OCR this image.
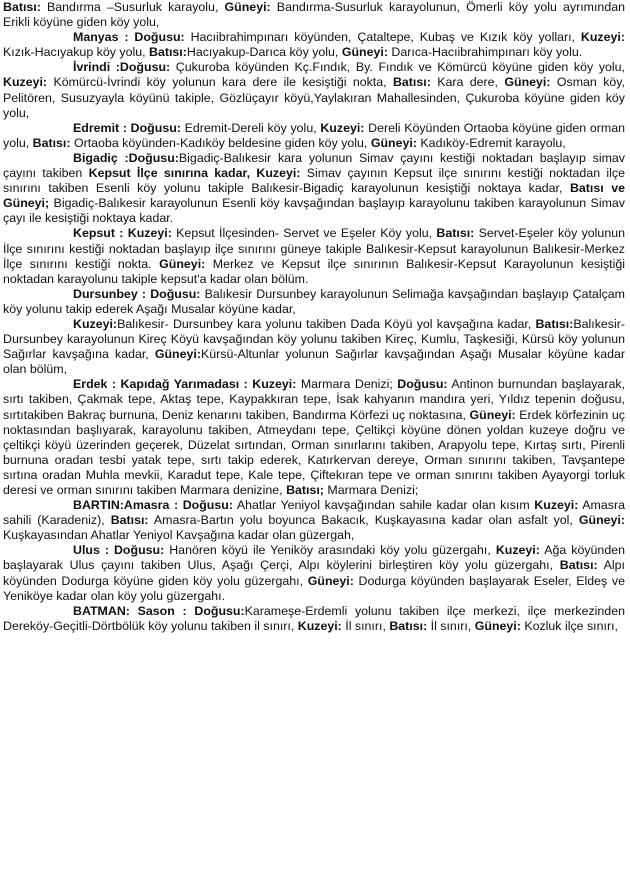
Batısı: Bandırma –Susurluk karayolu, Güneyi: Bandırma-Susurluk karayolunun, Ömerli köy yolu ayrımından Erikli köyüne giden köy yolu,

Manyas : Doğusu: Hacıibrahimpınarı köyünden, Çataltepe, Kubaş ve Kızık köy yolları, Kuzeyi: Kızık-Hacıyakup köy yolu, Batısı:Hacıyakup-Darıca köy yolu, Güneyi: Darıca-Hacıibrahimpınarı köy yolu.

İvrindi :Doğusu: Çukuroba köyünden Kç.Fındık, By. Fındık ve Kömürcü köyüne giden köy yolu, Kuzeyi: Kömürcü-İvrindi köy yolunun kara dere ile kesiştiği nokta, Batısı: Kara dere, Güneyi: Osman köy, Pelitören, Susuzyayla köyünü takiple, Gözlüçayır köyü,Yaylakıran Mahallesinden, Çukuroba köyüne giden köy yolu,

Edremit : Doğusu: Edremit-Dereli köy yolu, Kuzeyi: Dereli Köyünden Ortaoba köyüne giden orman yolu, Batısı: Ortaoba köyünden-Kadıköy beldesine giden köy yolu, Güneyi: Kadıköy-Edremit karayolu,

Bigadiç :Doğusu:Bigadiç-Balıkesir kara yolunun Simav çayını kestiği noktadan başlayıp simav çayını takiben Kepsut İlçe sınırına kadar, Kuzeyi: Simav çayının Kepsut ilçe sınırını kestiği noktadan ilçe sınırını takiben Esenli köy yolunu takiple Balıkesir-Bigadiç karayolunun kesiştiği noktaya kadar, Batısı ve Güneyi; Bigadiç-Balıkesir karayolunun Esenli köy kavşağından başlayıp karayolunu takiben karayolunun Simav çayı ile kesiştiği noktaya kadar.

Kepsut : Kuzeyi: Kepsut İlçesinden- Servet ve Eşeler Köy yolu, Batısı: Servet-Eşeler köy yolunun İlçe sınırını kestiği noktadan başlayıp ilçe sınırını güneye takiple Balıkesir-Kepsut karayolunun Balıkesir-Merkez İlçe sınırını kestiği nokta. Güneyi: Merkez ve Kepsut ilçe sınırının Balıkesir-Kepsut Karayolunun kesiştiği noktadan karayolunu takiple kepsut'a kadar olan bölüm.

Dursunbey : Doğusu: Balıkesir Dursunbey karayolunun Selimağa kavşağından başlayıp Çatalçam köy yolunu takip ederek Aşağı Musalar köyüne kadar,

Kuzeyi:Balıkesir- Dursunbey kara yolunu takiben Dada Köyü yol kavşağına kadar, Batısı:Balıkesir-Dursunbey karayolunun Kireç Köyü kavşağından köy yolunu takiben Kireç, Kumlu, Taşkesiği, Kürsü köy yolunun Sağırlar kavşağına kadar, Güneyi:Kürsü-Altunlar yolunun Sağırlar kavşağından Aşağı Musalar köyüne kadar olan bölüm,

Erdek : Kapıdağ Yarımadası : Kuzeyi: Marmara Denizi; Doğusu: Antinon burnundan başlayarak, sırtı takiben, Çakmak tepe, Aktaş tepe, Kaypakkıran tepe, İsak kahyanın mandıra yeri, Yıldız tepenin doğusu, sırtıtakiben Bakraç burnuna, Deniz kenarını takiben, Bandırma Körfezi uç noktasına, Güneyi: Erdek körfezinin uç noktasından başlıyarak, karayolunu takiben, Atmeydanı tepe, Çeltikçi köyüne dönen yoldan kuzeye doğru ve çeltikçi köyü üzerinden geçerek, Düzelat sırtından, Orman sınırlarını takiben, Arapyolu tepe, Kırtaş sırtı, Pirenli burnuna oradan tesbi yatak tepe, sırtı takip ederek, Katırkervan dereye, Orman sınırını takiben, Tavşantepe sırtına oradan Muhla mevkii, Karadut tepe, Kale tepe, Çiftekıran tepe ve orman sınırını takiben Ayayorgi torluk deresi ve orman sınırını takiben Marmara denizine, Batısı; Marmara Denizi;

BARTIN:Amasra : Doğusu: Ahatlar Yeniyol kavşağından sahile kadar olan kısım Kuzeyi: Amasra sahili (Karadeniz), Batısı: Amasra-Bartın yolu boyunca Bakacık, Kuşkayasına kadar olan asfalt yol, Güneyi: Kuşkayasından Ahatlar Yeniyol Kavşağına kadar olan güzergah,

Ulus : Doğusu: Hanören köyü ile Yeniköy arasındaki köy yolu güzergahı, Kuzeyi: Ağa köyünden başlayarak Ulus çayını takiben Ulus, Aşağı Çerçi, Alpı köylerini birleştiren köy yolu güzergahı, Batısı: Alpı köyünden Dodurga köyüne giden köy yolu güzergahı, Güneyi: Dodurga köyünden başlayarak Eseler, Eldeş ve Yeniköye kadar olan köy yolu güzergahı.

BATMAN: Sason : Doğusu:Karameşe-Erdemli yolunu takiben ilçe merkezi, ilçe merkezinden Dereköy-Geçitli-Dörtbölük köy yolunu takiben il sınırı, Kuzeyi: İl sınırı, Batısı: İl sınırı, Güneyi: Kozluk ilçe sınırı,
